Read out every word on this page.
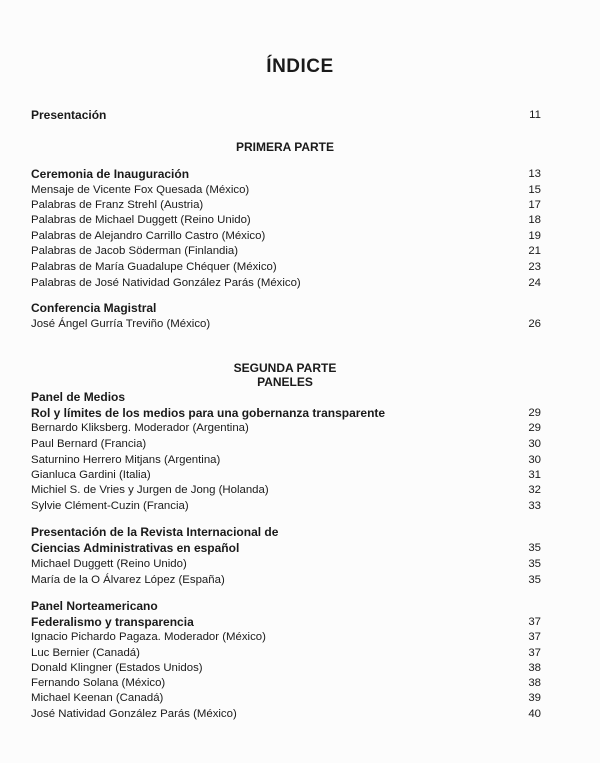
ÍNDICE
Presentación	11
PRIMERA PARTE
Ceremonia de Inauguración	13
Mensaje de Vicente Fox Quesada (México)	15
Palabras de Franz Strehl (Austria)	17
Palabras de Michael Duggett (Reino Unido)	18
Palabras de Alejandro Carrillo Castro (México)	19
Palabras de Jacob Söderman (Finlandia)	21
Palabras de María Guadalupe Chéquer (México)	23
Palabras de José Natividad González Parás (México)	24
Conferencia Magistral
José Ángel Gurría Treviño (México)	26
SEGUNDA PARTE
PANELES
Panel de Medios
Rol y límites de los medios para una gobernanza transparente	29
Bernardo Kliksberg. Moderador (Argentina)	29
Paul Bernard (Francia)	30
Saturnino Herrero Mitjans (Argentina)	30
Gianluca Gardini (Italia)	31
Michiel S. de Vries y Jurgen de Jong (Holanda)	32
Sylvie Clément-Cuzin (Francia)	33
Presentación de la Revista Internacional de
Ciencias Administrativas en español	35
Michael Duggett (Reino Unido)	35
María de la O Álvarez López (España)	35
Panel Norteamericano
Federalismo y transparencia	37
Ignacio Pichardo Pagaza. Moderador (México)	37
Luc Bernier (Canadá)	37
Donald Klingner (Estados Unidos)	38
Fernando Solana (México)	38
Michael Keenan (Canadá)	39
José Natividad González Parás (México)	40
